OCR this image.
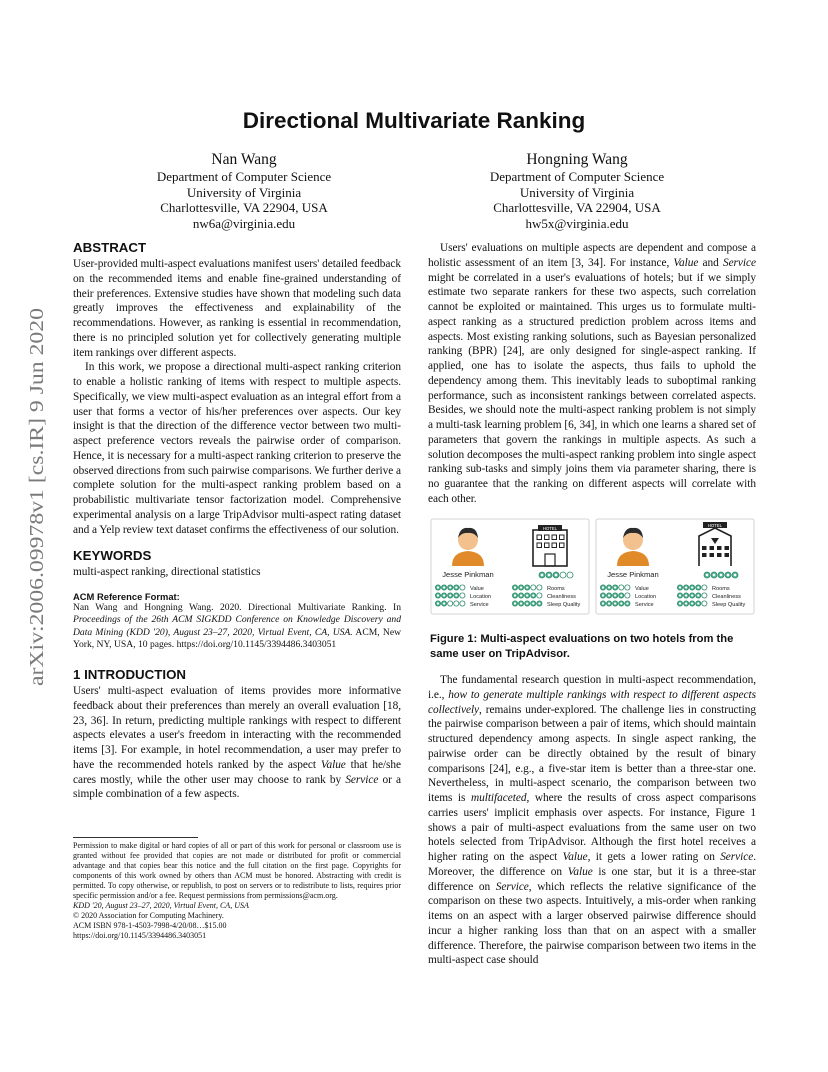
arXiv:2006.09978v1 [cs.IR] 9 Jun 2020
Directional Multivariate Ranking
Nan Wang
Department of Computer Science
University of Virginia
Charlottesville, VA 22904, USA
nw6a@virginia.edu
Hongning Wang
Department of Computer Science
University of Virginia
Charlottesville, VA 22904, USA
hw5x@virginia.edu
ABSTRACT

User-provided multi-aspect evaluations manifest users' detailed feedback on the recommended items and enable fine-grained understanding of their preferences. Extensive studies have shown that modeling such data greatly improves the effectiveness and explainability of the recommendations. However, as ranking is essential in recommendation, there is no principled solution yet for collectively generating multiple item rankings over different aspects.

In this work, we propose a directional multi-aspect ranking criterion to enable a holistic ranking of items with respect to multiple aspects. Specifically, we view multi-aspect evaluation as an integral effort from a user that forms a vector of his/her preferences over aspects. Our key insight is that the direction of the difference vector between two multi-aspect preference vectors reveals the pairwise order of comparison. Hence, it is necessary for a multi-aspect ranking criterion to preserve the observed directions from such pairwise comparisons. We further derive a complete solution for the multi-aspect ranking problem based on a probabilistic multivariate tensor factorization model. Comprehensive experimental analysis on a large TripAdvisor multi-aspect rating dataset and a Yelp review text dataset confirms the effectiveness of our solution.

KEYWORDS

multi-aspect ranking, directional statistics

ACM Reference Format:

Nan Wang and Hongning Wang. 2020. Directional Multivariate Ranking. In Proceedings of the 26th ACM SIGKDD Conference on Knowledge Discovery and Data Mining (KDD '20), August 23–27, 2020, Virtual Event, CA, USA. ACM, New York, NY, USA, 10 pages. https://doi.org/10.1145/3394486.3403051

1 INTRODUCTION

Users' multi-aspect evaluation of items provides more informative feedback about their preferences than merely an overall evaluation [18, 23, 36]. In return, predicting multiple rankings with respect to different aspects elevates a user's freedom in interacting with the recommended items [3]. For example, in hotel recommendation, a user may prefer to have the recommended hotels ranked by the aspect Value that he/she cares mostly, while the other user may choose to rank by Service or a simple combination of a few aspects.

Permission to make digital or hard copies of all or part of this work for personal or classroom use is granted without fee provided that copies are not made or distributed for profit or commercial advantage and that copies bear this notice and the full citation on the first page. Copyrights for components of this work owned by others than ACM must be honored. Abstracting with credit is permitted. To copy otherwise, or republish, to post on servers or to redistribute to lists, requires prior specific permission and/or a fee. Request permissions from permissions@acm.org.

KDD '20, August 23–27, 2020, Virtual Event, CA, USA

© 2020 Association for Computing Machinery.

ACM ISBN 978-1-4503-7998-4/20/08…$15.00

https://doi.org/10.1145/3394486.3403051

Users' evaluations on multiple aspects are dependent and compose a holistic assessment of an item [3, 34]. For instance, Value and Service might be correlated in a user's evaluations of hotels; but if we simply estimate two separate rankers for these two aspects, such correlation cannot be exploited or maintained. This urges us to formulate multi-aspect ranking as a structured prediction problem across items and aspects. Most existing ranking solutions, such as Bayesian personalized ranking (BPR) [24], are only designed for single-aspect ranking. If applied, one has to isolate the aspects, thus fails to uphold the dependency among them. This inevitably leads to suboptimal ranking performance, such as inconsistent rankings between correlated aspects. Besides, we should note the multi-aspect ranking problem is not simply a multi-task learning problem [6, 34], in which one learns a shared set of parameters that govern the rankings in multiple aspects. As such a solution decomposes the multi-aspect ranking problem into single aspect ranking sub-tasks and simply joins them via parameter sharing, there is no guarantee that the ranking on different aspects will correlate with each other.

HOTEL
Jesse Pinkman
Value
Location
Service
Rooms
Cleanliness
Sleep Quality
HOTEL
Jesse Pinkman
Value
Location
Service
Rooms
Cleanliness
Sleep Quality

Figure 1: Multi-aspect evaluations on two hotels from the same user on TripAdvisor.

The fundamental research question in multi-aspect recommendation, i.e., how to generate multiple rankings with respect to different aspects collectively, remains under-explored. The challenge lies in constructing the pairwise comparison between a pair of items, which should maintain structured dependency among aspects. In single aspect ranking, the pairwise order can be directly obtained by the result of binary comparisons [24], e.g., a five-star item is better than a three-star one. Nevertheless, in multi-aspect scenario, the comparison between two items is multifaceted, where the results of cross aspect comparisons carries users' implicit emphasis over aspects. For instance, Figure 1 shows a pair of multi-aspect evaluations from the same user on two hotels selected from TripAdvisor. Although the first hotel receives a higher rating on the aspect Value, it gets a lower rating on Service. Moreover, the difference on Value is one star, but it is a three-star difference on Service, which reflects the relative significance of the comparison on these two aspects. Intuitively, a mis-order when ranking items on an aspect with a larger observed pairwise difference should incur a higher ranking loss than that on an aspect with a smaller difference. Therefore, the pairwise comparison between two items in the multi-aspect case should
